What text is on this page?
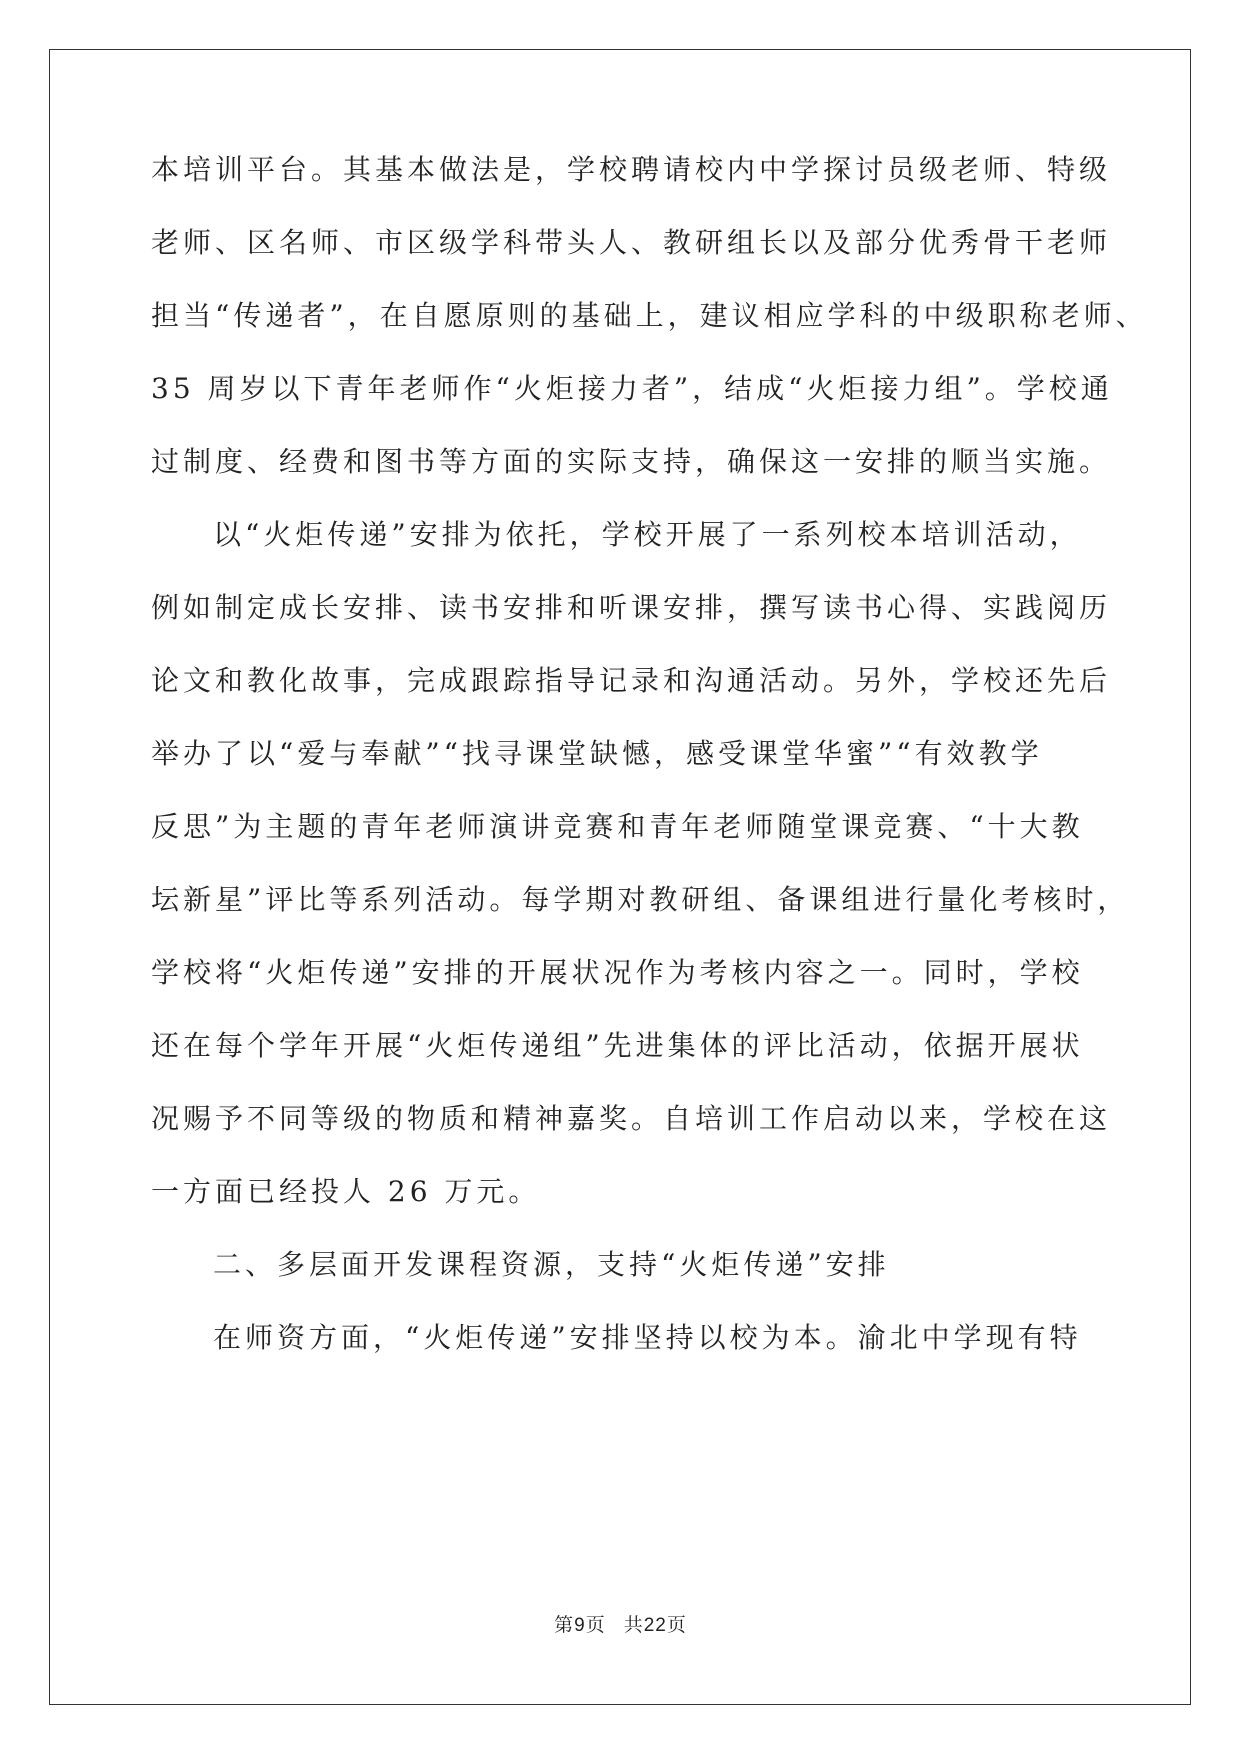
本培训平台。其基本做法是，学校聘请校内中学探讨员级老师、特级

老师、区名师、市区级学科带头人、教研组长以及部分优秀骨干老师

担当“传递者”，在自愿原则的基础上，建议相应学科的中级职称老师、

35 周岁以下青年老师作“火炬接力者”，结成“火炬接力组”。学校通

过制度、经费和图书等方面的实际支持，确保这一安排的顺当实施。

以“火炬传递”安排为依托，学校开展了一系列校本培训活动，

例如制定成长安排、读书安排和听课安排，撰写读书心得、实践阅历

论文和教化故事，完成跟踪指导记录和沟通活动。另外，学校还先后

举办了以“爱与奉献”“找寻课堂缺憾，感受课堂华蜜”“有效教学

反思”为主题的青年老师演讲竞赛和青年老师随堂课竞赛、“十大教

坛新星”评比等系列活动。每学期对教研组、备课组进行量化考核时，

学校将“火炬传递”安排的开展状况作为考核内容之一。同时，学校

还在每个学年开展“火炬传递组”先进集体的评比活动，依据开展状

况赐予不同等级的物质和精神嘉奖。自培训工作启动以来，学校在这

一方面已经投人 26 万元。

二、多层面开发课程资源，支持“火炬传递”安排

在师资方面，“火炬传递”安排坚持以校为本。渝北中学现有特

第9页 共22页
